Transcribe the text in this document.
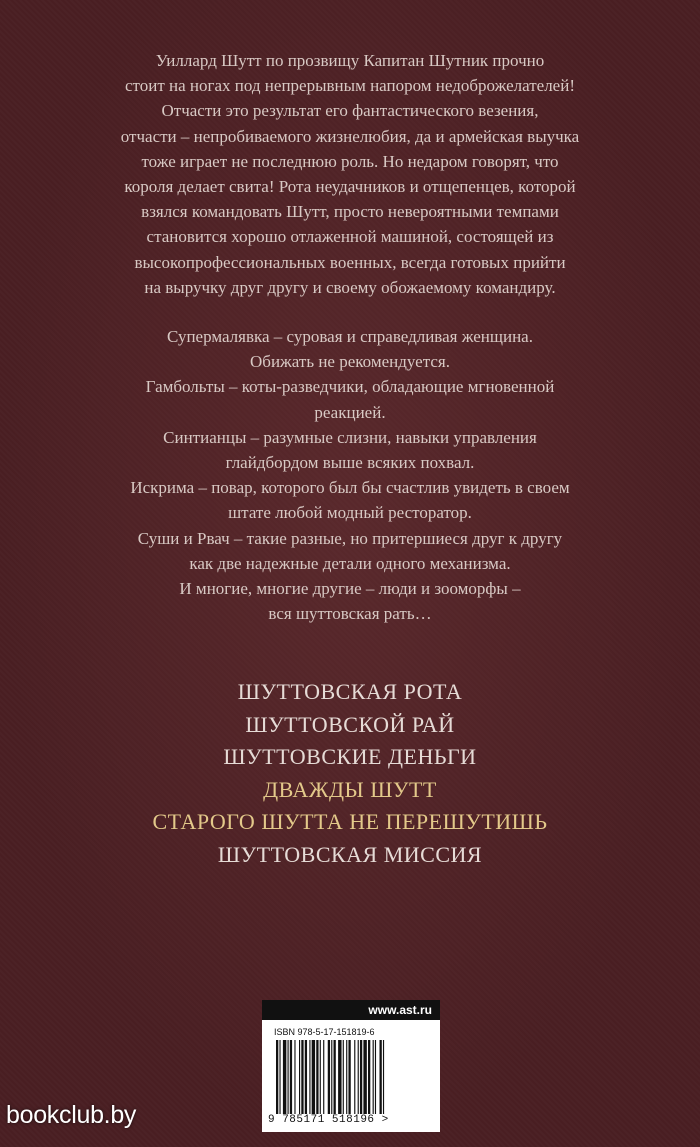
Уиллард Шутт по прозвищу Капитан Шутник прочно
стоит на ногах под непрерывным напором недоброжелателей!
Отчасти это результат его фантастического везения,
отчасти – непробиваемого жизнелюбия, да и армейская выучка
тоже играет не последнюю роль. Но недаром говорят, что
короля делает свита! Рота неудачников и отщепенцев, которой
взялся командовать Шутт, просто невероятными темпами
становится хорошо отлаженной машиной, состоящей из
высокопрофессиональных военных, всегда готовых прийти
на выручку друг другу и своему обожаемому командиру.

Супермалявка – суровая и справедливая женщина.
Обижать не рекомендуется.
Гамбольты – коты-разведчики, обладающие мгновенной
реакцией.
Синтианцы – разумные слизни, навыки управления
глайдбордом выше всяких похвал.
Искрима – повар, которого был бы счастлив увидеть в своем
штате любой модный ресторатор.
Суши и Рвач – такие разные, но притершиеся друг к другу
как две надежные детали одного механизма.
И многие, многие другие – люди и зооморфы –
вся шуттовская рать…
ШУТТОВСКАЯ РОТА
ШУТТОВСКОЙ РАЙ
ШУТТОВСКИЕ ДЕНЬГИ
ДВАЖДЫ ШУТТ
СТАРОГО ШУТТА НЕ ПЕРЕШУТИШЬ
ШУТТОВСКАЯ МИССИЯ
www.ast.ru
ISBN 978-5-17-151819-6
9 785171 518196 >
bookclub.by
